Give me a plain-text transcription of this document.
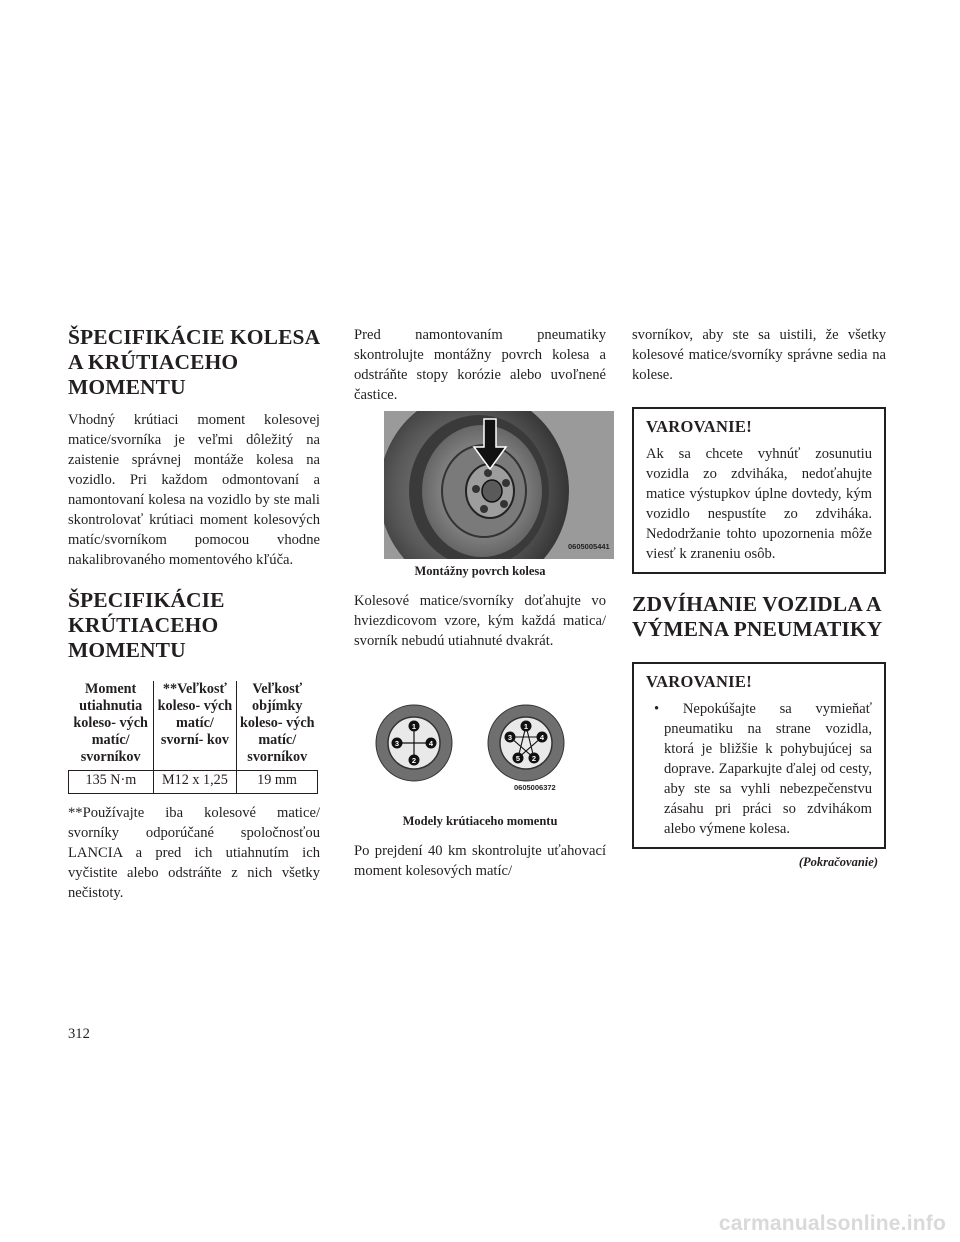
ŠPECIFIKÁCIE KOLESA A KRÚTIACEHO MOMENTU

Vhodný krútiaci moment kolesovej matice/svorníka je veľmi dôležitý na zaistenie správnej montáže kolesa na vozidlo. Pri každom odmontovaní a namontovaní kolesa na vozidlo by ste mali skontrolovať krútiaci moment kolesových matíc/svorníkom pomocou vhodne nakalibrovaného momentového kľúča.

ŠPECIFIKÁCIE KRÚTIACEHO MOMENTU
Moment utiahnutia koleso- vých matíc/ svorníkov	**Veľkosť koleso- vých matíc/ svorní- kov	Veľkosť objímky koleso- vých matíc/ svorníkov
135 N·m	M12 x 1,25	19 mm

**Používajte iba kolesové matice/ svorníky odporúčané spoločnosťou LANCIA a pred ich utiahnutím ich vyčistite alebo odstráňte z nich všetky nečistoty.

Pred namontovaním pneumatiky skontrolujte montážny povrch kolesa a odstráňte stopy korózie alebo uvoľnené častice.

0605005441
Montážny povrch kolesa

Kolesové matice/svorníky doťahujte vo hviezdicovom vzore, kým každá matica/ svorník nebudú utiahnuté dvakrát.

1
2
3	4
1
2
3	4
5
0605006372
Modely krútiaceho momentu

Po prejdení 40 km skontrolujte uťahovací moment kolesových matíc/

svorníkov, aby ste sa uistili, že všetky kolesové matice/svorníky správne sedia na kolese.

VAROVANIE!

Ak sa chcete vyhnúť zosunutiu vozidla zo zdviháka, nedoťahujte matice výstupkov úplne dovtedy, kým vozidlo nespustíte zo zdviháka. Nedodržanie tohto upozornenia môže viesť k zraneniu osôb.

ZDVÍHANIE VOZIDLA A VÝMENA PNEUMATIKY
VAROVANIE!
• Nepokúšajte sa vymieňať pneumatiku na strane vozidla, ktorá je bližšie k pohybujúcej sa doprave. Zaparkujte ďalej od cesty, aby ste sa vyhli nebezpečenstvu zásahu pri práci so zdvihákom alebo výmene kolesa.
(Pokračovanie)
312
carmanualsonline.info
